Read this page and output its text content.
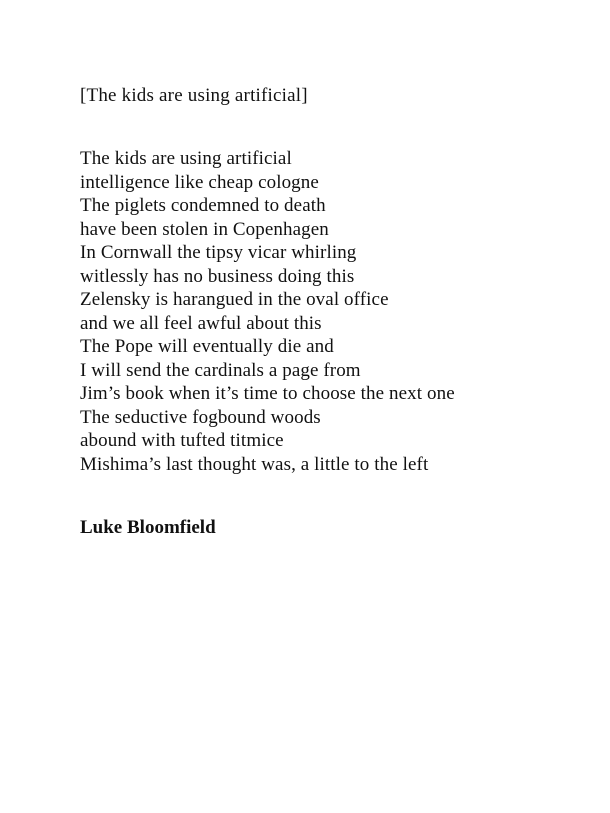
[The kids are using artificial]
The kids are using artificial
intelligence like cheap cologne
The piglets condemned to death
have been stolen in Copenhagen
In Cornwall the tipsy vicar whirling
witlessly has no business doing this
Zelensky is harangued in the oval office
and we all feel awful about this
The Pope will eventually die and
I will send the cardinals a page from
Jim’s book when it’s time to choose the next one
The seductive fogbound woods
abound with tufted titmice
Mishima’s last thought was, a little to the left
Luke Bloomfield
